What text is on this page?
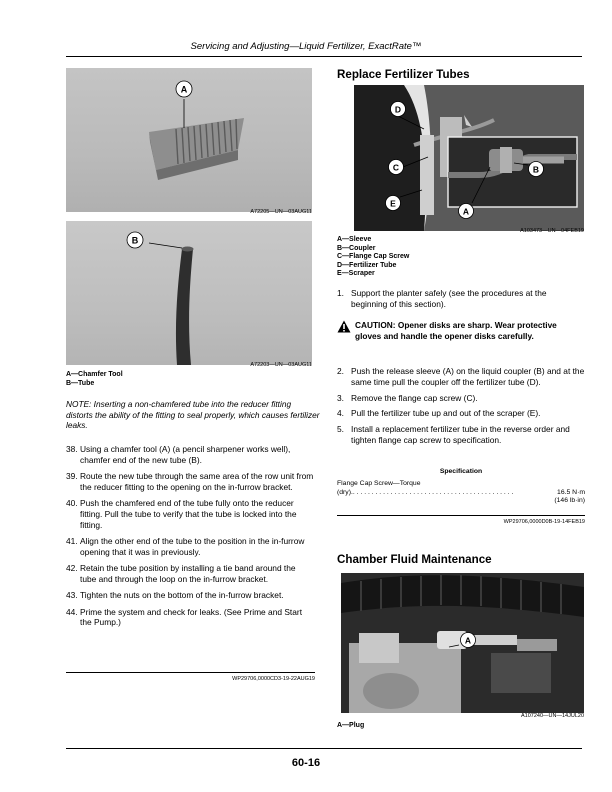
Servicing and Adjusting—Liquid Fertilizer, ExactRate™
A
A72205—UN—03AUG11
B
A72203—UN—03AUG11
A—Chamfer Tool
B—Tube
NOTE: Inserting a non-chamfered tube into the reducer fitting distorts the ability of the fitting to seal properly, which causes fertilizer leaks.
38. Using a chamfer tool (A) (a pencil sharpener works well), chamfer end of the new tube (B).
39. Route the new tube through the same area of the row unit from the reducer fitting to the opening on the in-furrow bracket.
40. Push the chamfered end of the tube fully onto the reducer fitting. Pull the tube to verify that the tube is locked into the fitting.
41. Align the other end of the tube to the position in the in-furrow opening that it was in previously.
42. Retain the tube position by installing a tie band around the tube and through the loop on the in-furrow bracket.
43. Tighten the nuts on the bottom of the in-furrow bracket.
44. Prime the system and check for leaks. (See Prime and Start the Pump.)
WP29706,0000CD3-19-22AUG19
Replace Fertilizer Tubes
D
C	B
E
A
A103473—UN—04FEB19
A—Sleeve
B—Coupler
C—Flange Cap Screw
D—Fertilizer Tube
E—Scraper
1. Support the planter safely (see the procedures at the beginning of this section).
CAUTION: Opener disks are sharp. Wear protective gloves and handle the opener disks carefully.
2. Push the release sleeve (A) on the liquid coupler (B) and at the same time pull the coupler off the fertilizer tube (D).
3. Remove the flange cap screw (C).
4. Pull the fertilizer tube up and out of the scraper (E).
5. Install a replacement fertilizer tube in the reverse order and tighten flange cap screw to specification.
Specification
Flange Cap Screw—Torque
(dry).. . . . . . . . . . . . . . . . . . . . . . . . . . . . . . . . . . . . . . . . . . .	16.5 N·m
(146 lb·in)
WP29706,0000D0B-19-14FEB19
Chamber Fluid Maintenance
A
A107240—UN—14JUL20
A—Plug
60-16
